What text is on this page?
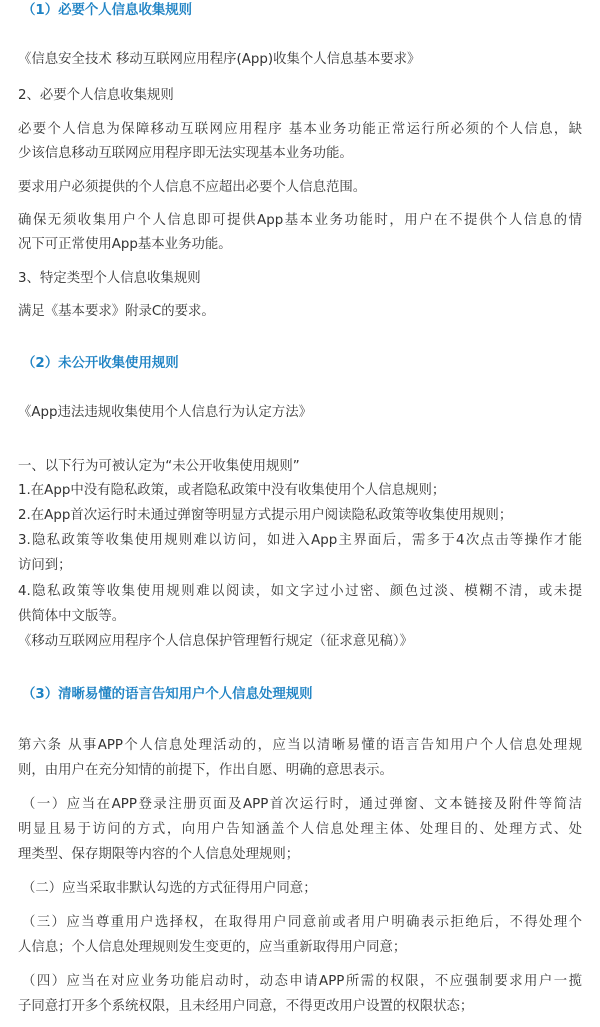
（1）必要个人信息收集规则
《信息安全技术 移动互联网应用程序(App)收集个人信息基本要求》
2、必要个人信息收集规则
必要个人信息为保障移动互联网应用程序 基本业务功能正常运行所必须的个人信息，缺
少该信息移动互联网应用程序即无法实现基本业务功能。
要求用户必须提供的个人信息不应超出必要个人信息范围。
确保无须收集用户个人信息即可提供App基本业务功能时，用户在不提供个人信息的情
况下可正常使用App基本业务功能。
3、特定类型个人信息收集规则
满足《基本要求》附录C的要求。
（2）未公开收集使用规则
《App违法违规收集使用个人信息行为认定方法》
一、以下行为可被认定为“未公开收集使用规则”
1.在App中没有隐私政策，或者隐私政策中没有收集使用个人信息规则；
2.在App首次运行时未通过弹窗等明显方式提示用户阅读隐私政策等收集使用规则；
3.隐私政策等收集使用规则难以访问，如进入App主界面后，需多于4次点击等操作才能
访问到；
4.隐私政策等收集使用规则难以阅读，如文字过小过密、颜色过淡、模糊不清，或未提
供简体中文版等。
《移动互联网应用程序个人信息保护管理暂行规定（征求意见稿）》
（3）清晰易懂的语言告知用户个人信息处理规则
第六条 从事APP个人信息处理活动的，应当以清晰易懂的语言告知用户个人信息处理规
则，由用户在充分知情的前提下，作出自愿、明确的意思表示。
（一）应当在APP登录注册页面及APP首次运行时，通过弹窗、文本链接及附件等简洁
明显且易于访问的方式，向用户告知涵盖个人信息处理主体、处理目的、处理方式、处
理类型、保存期限等内容的个人信息处理规则；
（二）应当采取非默认勾选的方式征得用户同意；
（三）应当尊重用户选择权，在取得用户同意前或者用户明确表示拒绝后，不得处理个
人信息；个人信息处理规则发生变更的，应当重新取得用户同意；
（四）应当在对应业务功能启动时，动态申请APP所需的权限，不应强制要求用户一揽
子同意打开多个系统权限，且未经用户同意，不得更改用户设置的权限状态；
